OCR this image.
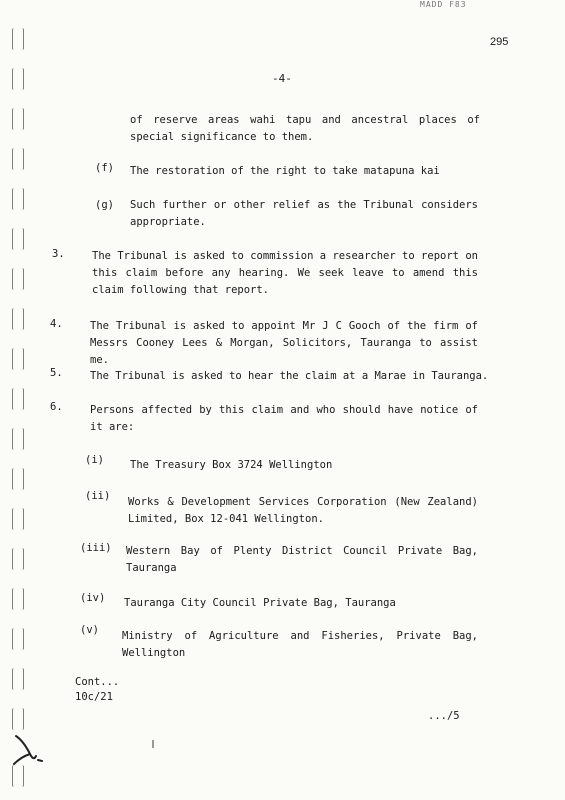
MADD F83
295
-4-
of reserve areas wahi tapu and ancestral places of special significance to them.
(f) The restoration of the right to take matapuna kai
(g) Such further or other relief as the Tribunal considers appropriate.
3.	The Tribunal is asked to commission a researcher to report on this claim before any hearing. We seek leave to amend this claim following that report.
4.	The Tribunal is asked to appoint Mr J C Gooch of the firm of Messrs Cooney Lees & Morgan, Solicitors, Tauranga to assist me.
5.	The Tribunal is asked to hear the claim at a Marae in Tauranga.
6.	Persons affected by this claim and who should have notice of it are:
(i) The Treasury Box 3724 Wellington
(ii) Works & Development Services Corporation (New Zealand) Limited, Box 12-041 Wellington.
(iii) Western Bay of Plenty District Council Private Bag, Tauranga
(iv) Tauranga City Council Private Bag, Tauranga
(v) Ministry of Agriculture and Fisheries, Private Bag, Wellington
Cont...
10c/21
.../5
